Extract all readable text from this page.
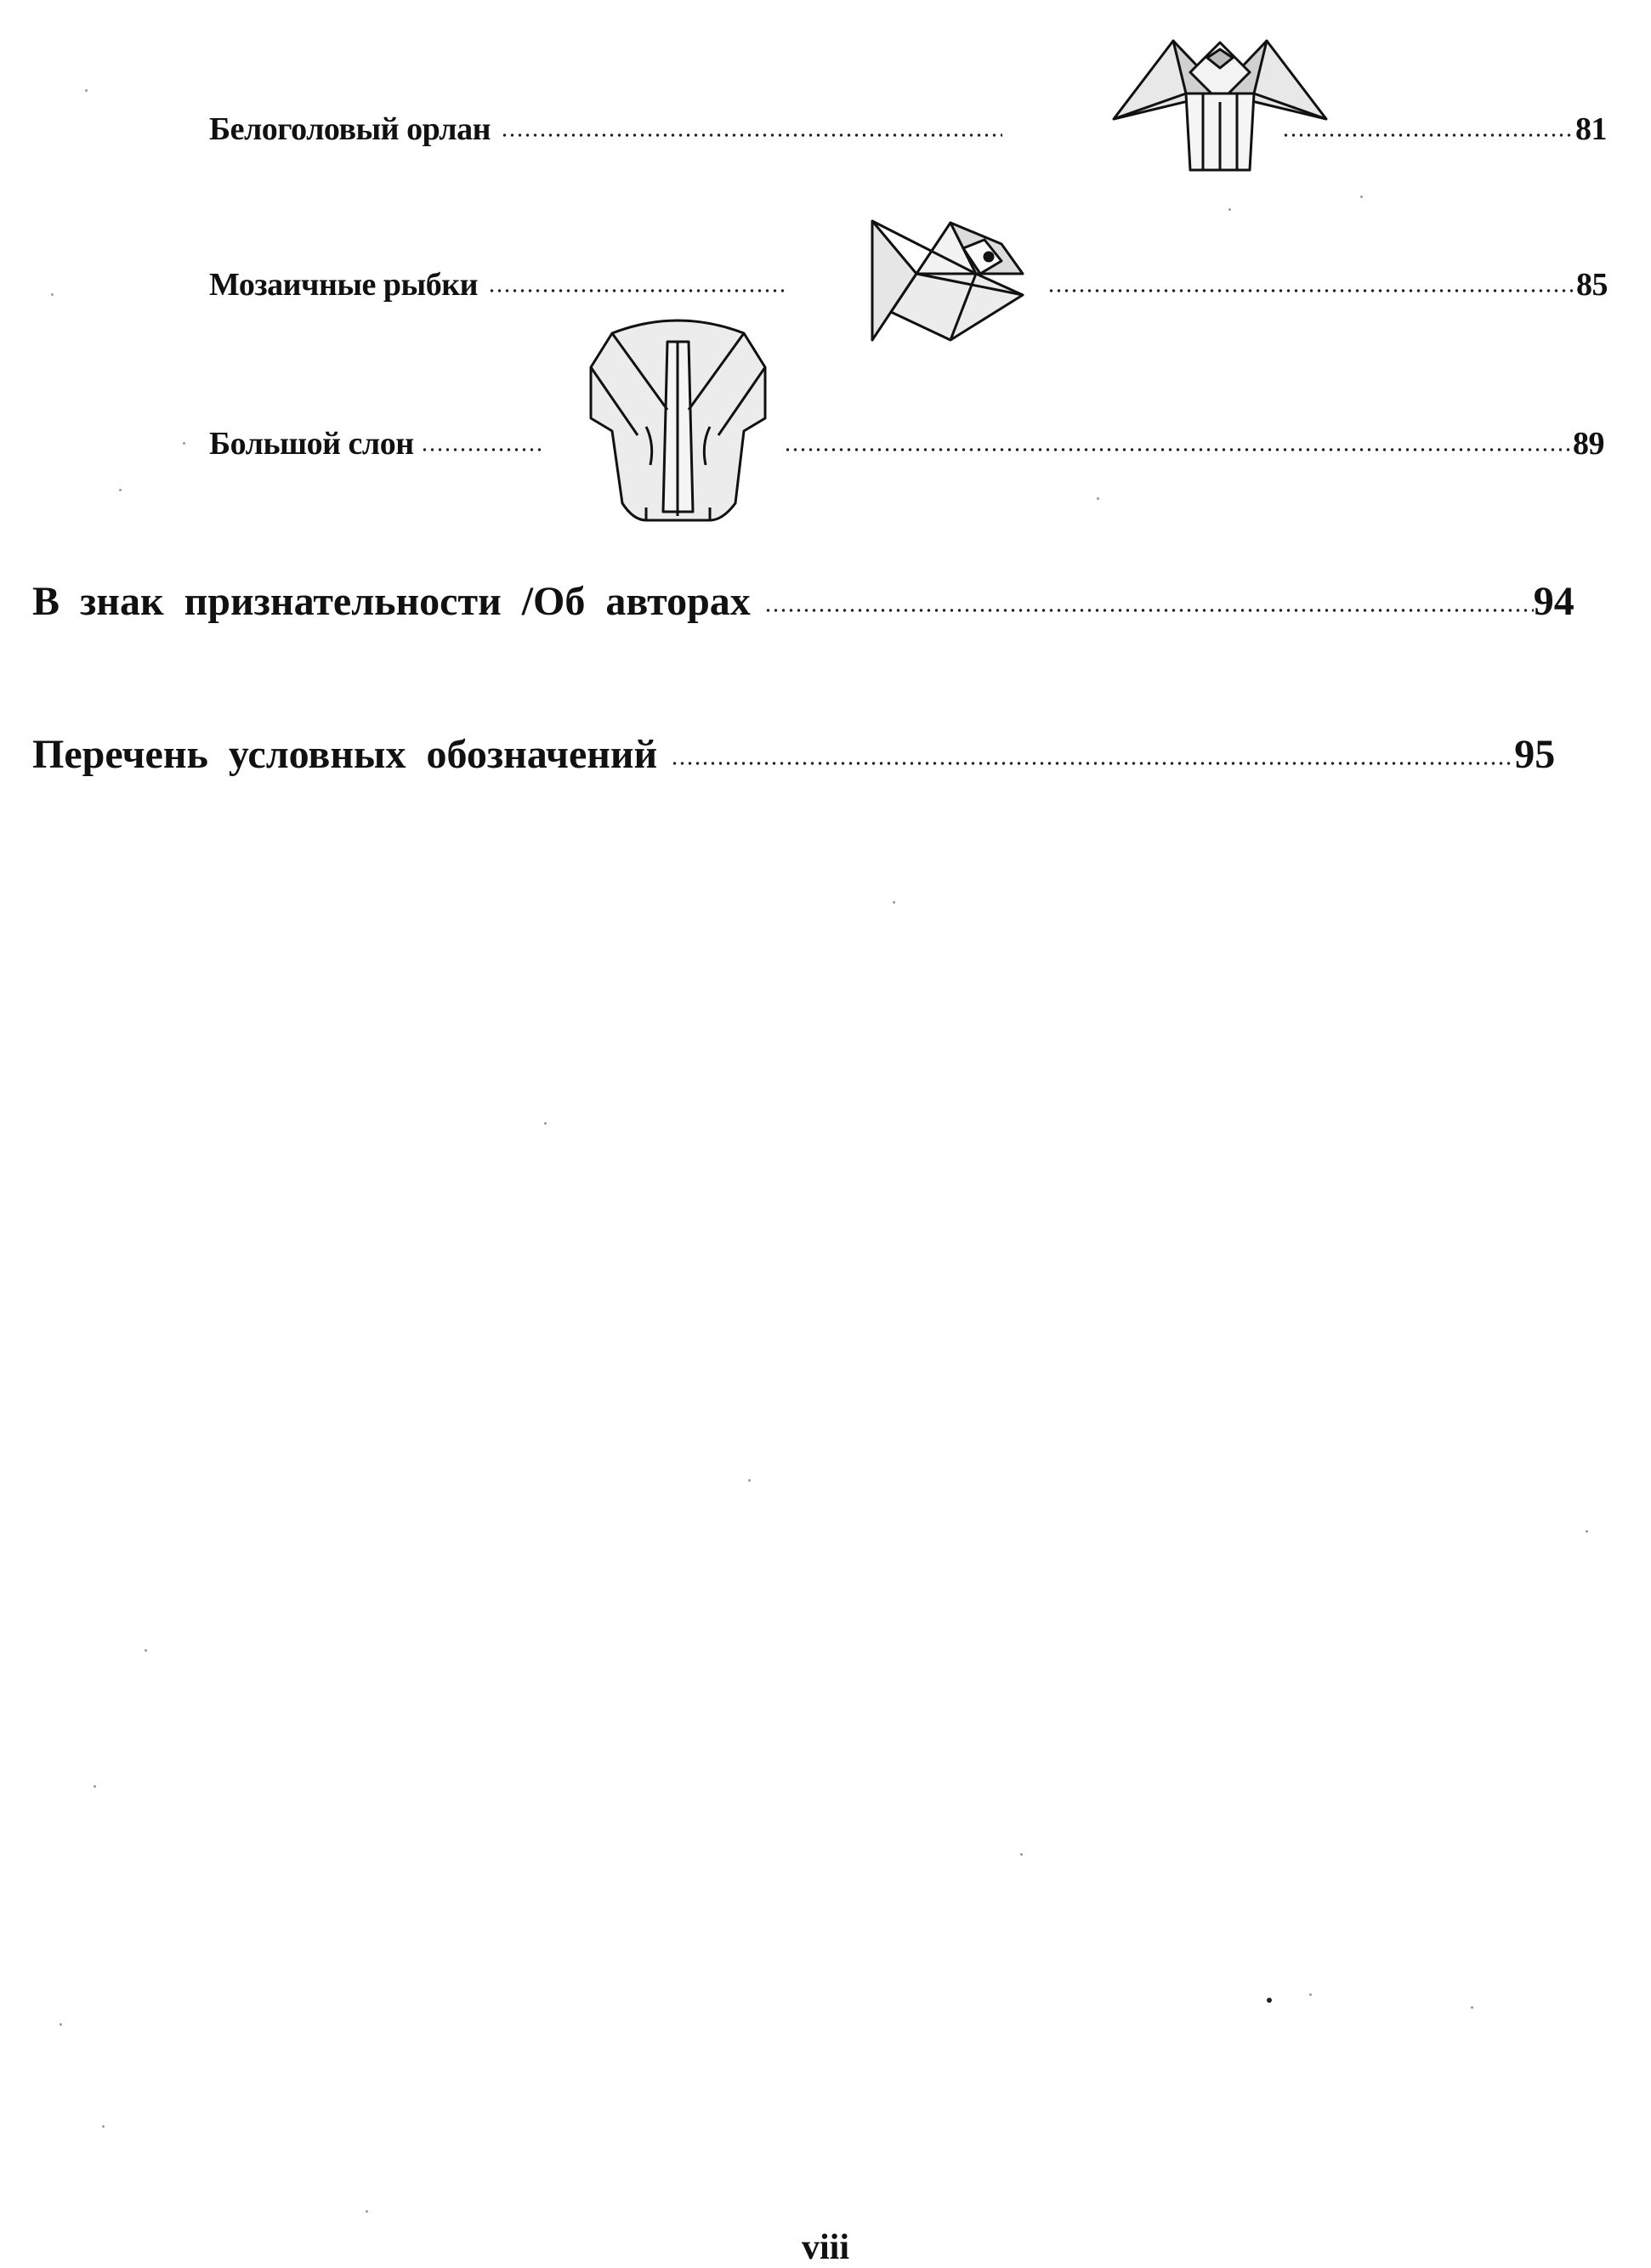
Белоголовый орлан	81
Мозаичные рыбки	85
Большой слон	89
В знак признательности /Об авторах	94
Перечень условных обозначений	95
viii
